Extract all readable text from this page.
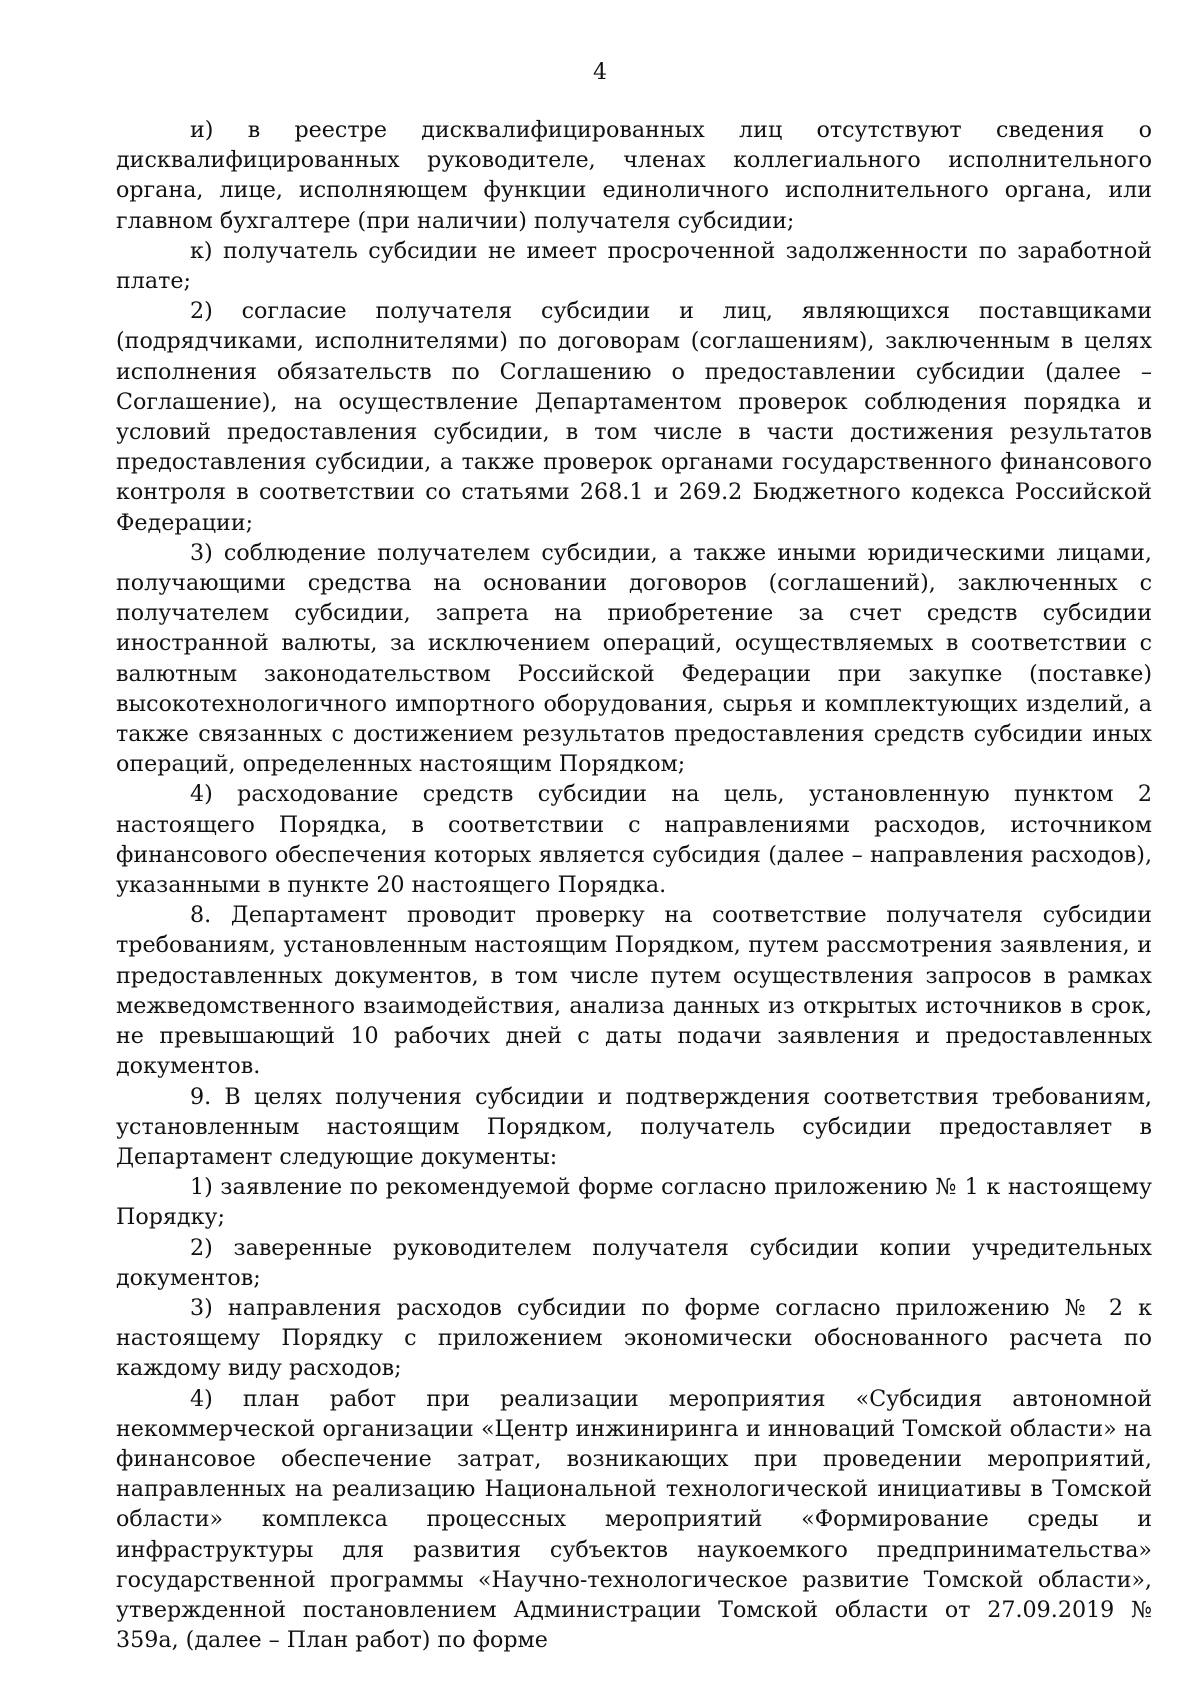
4

и) в реестре дисквалифицированных лиц отсутствуют сведения о дисквалифицированных руководителе, членах коллегиального исполнительного органа, лице, исполняющем функции единоличного исполнительного органа, или главном бухгалтере (при наличии) получателя субсидии;

к) получатель субсидии не имеет просроченной задолженности по заработной плате;

2) согласие получателя субсидии и лиц, являющихся поставщиками (подрядчиками, исполнителями) по договорам (соглашениям), заключенным в целях исполнения обязательств по Соглашению о предоставлении субсидии (далее – Соглашение), на осуществление Департаментом проверок соблюдения порядка и условий предоставления субсидии, в том числе в части достижения результатов предоставления субсидии, а также проверок органами государственного финансового контроля в соответствии со статьями 268.1 и 269.2 Бюджетного кодекса Российской Федерации;

3) соблюдение получателем субсидии, а также иными юридическими лицами, получающими средства на основании договоров (соглашений), заключенных с получателем субсидии, запрета на приобретение за счет средств субсидии иностранной валюты, за исключением операций, осуществляемых в соответствии с валютным законодательством Российской Федерации при закупке (поставке) высокотехнологичного импортного оборудования, сырья и комплектующих изделий, а также связанных с достижением результатов предоставления средств субсидии иных операций, определенных настоящим Порядком;

4) расходование средств субсидии на цель, установленную пунктом 2 настоящего Порядка, в соответствии с направлениями расходов, источником финансового обеспечения которых является субсидия (далее – направления расходов), указанными в пункте 20 настоящего Порядка.

8. Департамент проводит проверку на соответствие получателя субсидии требованиям, установленным настоящим Порядком, путем рассмотрения заявления, и предоставленных документов, в том числе путем осуществления запросов в рамках межведомственного взаимодействия, анализа данных из открытых источников в срок, не превышающий 10 рабочих дней с даты подачи заявления и предоставленных документов.

9. В целях получения субсидии и подтверждения соответствия требованиям, установленным настоящим Порядком, получатель субсидии предоставляет в Департамент следующие документы:

1) заявление по рекомендуемой форме согласно приложению № 1 к настоящему Порядку;

2) заверенные руководителем получателя субсидии копии учредительных документов;

3) направления расходов субсидии по форме согласно приложению № 2 к настоящему Порядку с приложением экономически обоснованного расчета по каждому виду расходов;

4) план работ при реализации мероприятия «Субсидия автономной некоммерческой организации «Центр инжиниринга и инноваций Томской области» на финансовое обеспечение затрат, возникающих при проведении мероприятий, направленных на реализацию Национальной технологической инициативы в Томской области» комплекса процессных мероприятий «Формирование среды и инфраструктуры для развития субъектов наукоемкого предпринимательства» государственной программы «Научно-технологическое развитие Томской области», утвержденной постановлением Администрации Томской области от 27.09.2019 № 359а, (далее – План работ) по форме
